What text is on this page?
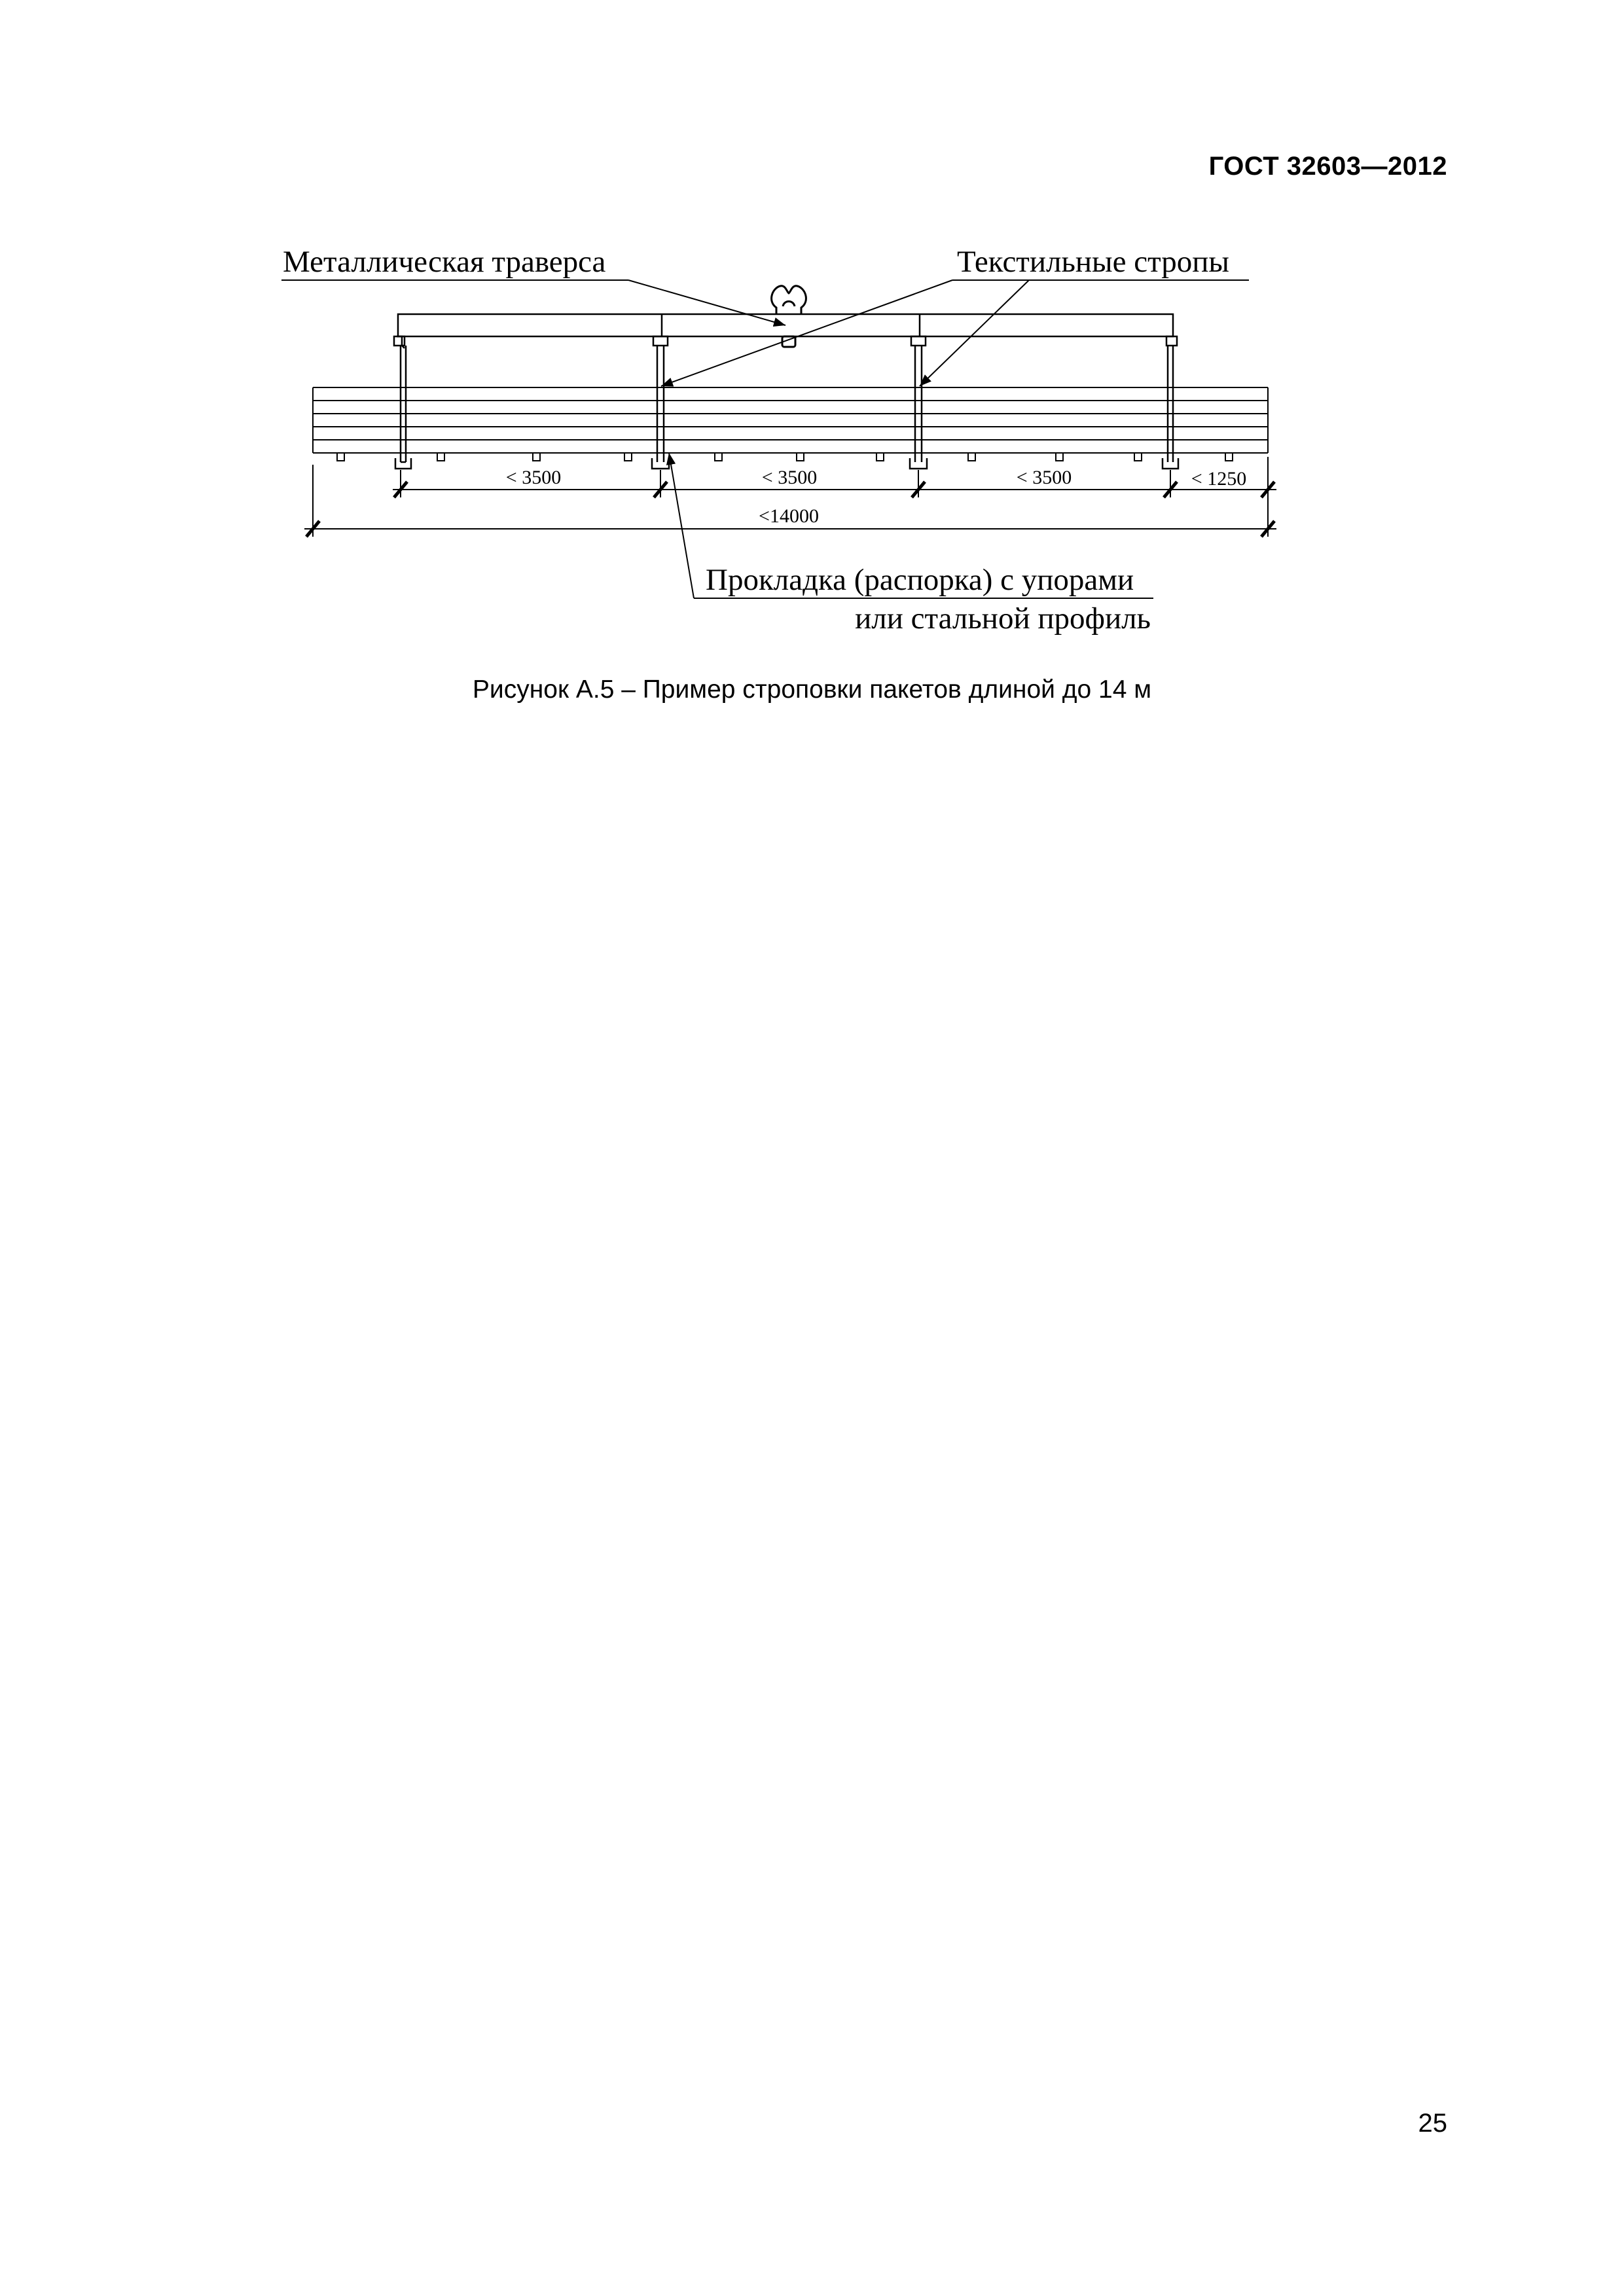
ГОСТ 32603—2012
< 3500	< 3500	< 3500	< 1250
<14000
Металлическая траверса	Текстильные стропы
Прокладка (распорка) с упорами
или стальной профиль
Рисунок А.5 – Пример строповки пакетов длиной до 14 м
25
